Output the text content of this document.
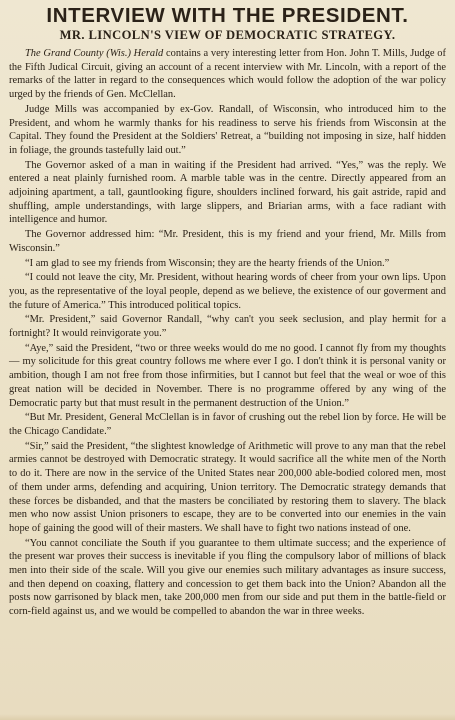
INTERVIEW WITH THE PRESIDENT.
MR. LINCOLN'S VIEW OF DEMOCRATIC STRATEGY.

The Grand County (Wis.) Herald contains a very interesting letter from Hon. John T. Mills, Judge of the Fifth Judical Circuit, giving an account of a recent interview with Mr. Lincoln, with a report of the remarks of the latter in regard to the consequences which would follow the adoption of the war policy urged by the friends of Gen. McClellan.

Judge Mills was accompanied by ex-Gov. Randall, of Wisconsin, who introduced him to the President, and whom he warmly thanks for his readiness to serve his friends from Wisconsin at the Capital. They found the President at the Soldiers' Retreat, a “building not imposing in size, half hidden in foliage, the grounds tastefully laid out.”

The Governor asked of a man in waiting if the President had arrived. “Yes,” was the reply. We entered a neat plainly furnished room. A marble table was in the centre. Directly appeared from an adjoining apartment, a tall, gauntlooking figure, shoulders inclined forward, his gait astride, rapid and shuffling, ample understandings, with large slippers, and Briarian arms, with a face radiant with intelligence and humor.

The Governor addressed him: “Mr. President, this is my friend and your friend, Mr. Mills from Wisconsin.”

“I am glad to see my friends from Wisconsin; they are the hearty friends of the Union.”

“I could not leave the city, Mr. President, without hearing words of cheer from your own lips. Upon you, as the representative of the loyal people, depend as we believe, the existence of our goverment and the future of America.” This introduced political topics.

“Mr. President,” said Governor Randall, “why can't you seek seclusion, and play hermit for a fortnight? It would reinvigorate you.”

“Aye,” said the President, “two or three weeks would do me no good. I cannot fly from my thoughts — my solicitude for this great country follows me where ever I go. I don't think it is personal vanity or ambition, though I am not free from those infirmities, but I cannot but feel that the weal or woe of this great nation will be decided in November. There is no programme offered by any wing of the Democratic party but that must result in the permanent destruction of the Union.”

“But Mr. President, General McClellan is in favor of crushing out the rebel lion by force. He will be the Chicago Candidate.”

“Sir,” said the President, “the slightest knowledge of Arithmetic will prove to any man that the rebel armies cannot be destroyed with Democratic strategy. It would sacrifice all the white men of the North to do it. There are now in the service of the United States near 200,000 able-bodied colored men, most of them under arms, defending and acquiring, Union territory. The Democratic strategy demands that these forces be disbanded, and that the masters be conciliated by restoring them to slavery. The black men who now assist Union prisoners to escape, they are to be converted into our enemies in the vain hope of gaining the good will of their masters. We shall have to fight two nations instead of one.

“You cannot conciliate the South if you guarantee to them ultimate success; and the experience of the present war proves their success is inevitable if you fling the compulsory labor of millions of black men into their side of the scale. Will you give our enemies such military advantages as insure success, and then depend on coaxing, flattery and concession to get them back into the Union? Abandon all the posts now garrisoned by black men, take 200,000 men from our side and put them in the battle-field or corn-field against us, and we would be compelled to abandon the war in three weeks.
